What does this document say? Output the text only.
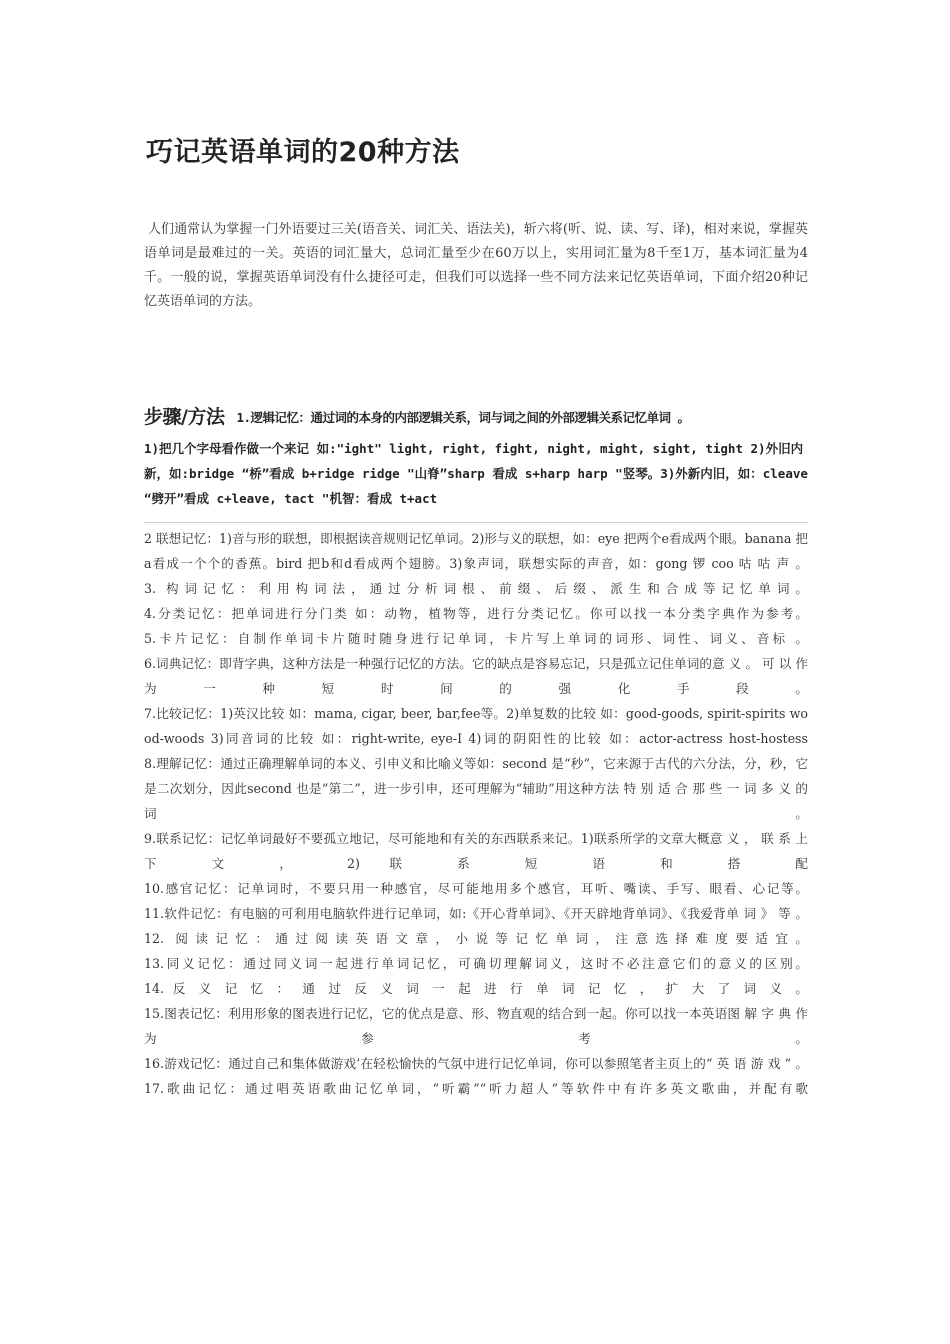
巧记英语单词的20种方法

人们通常认为掌握一门外语要过三关(语音关、词汇关、语法关)，斩六将(听、说、读、写、译)，相对来说，掌握英语单词是最难过的一关。英语的词汇量大，总词汇量至少在60万以上，实用词汇量为8千至1万，基本词汇量为4千。一般的说，掌握英语单词没有什么捷径可走，但我们可以选择一些不同方法来记忆英语单词，下面介绍20种记忆英语单词的方法。

步骤/方法 1.逻辑记忆：通过词的本身的内部逻辑关系，词与词之间的外部逻辑关系记忆单词 。

1)把几个字母看作做一个来记 如:"ight" light, right, fight, night, might, sight, tight 2)外旧内新，如:bridge “桥”看成 b+ridge ridge "山脊”sharp 看成 s+harp harp "竖琴。3)外新内旧，如：cleave “劈开”看成 c+leave, tact "机智：看成 t+act

2 联想记忆：1)音与形的联想，即根据读音规则记忆单词。2)形与义的联想，如：eye 把两个e看成两个眼。banana 把a看成一个个的香蕉。bird 把b和d看成两个翅膀。3)象声词，联想实际的声音，如：gong 锣 coo 咕 咕 声 。
3. 构词记忆：利用构词法，通过分析词根、前缀、后缀、派生和合成等记忆单词。
4.分类记忆：把单词进行分门类 如：动物，植物等，进行分类记忆。你可以找一本分类字典作为参考。
5.卡片记忆：自制作单词卡片随时随身进行记单词，卡片写上单词的词形、词性、词义、音标 。
6.词典记忆：即背字典，这种方法是一种强行记忆的方法。它的缺点是容易忘记，只是孤立记住单词的意 义 。 可 以 作 为 一 种 短 时 间 的 强 化 手 段 。
7.比较记忆：1)英汉比较 如：mama, cigar, beer, bar,fee等。2)单复数的比较 如：good-goods, spirit-spirits wood-woods 3)同音词的比较 如：right-write, eye-I 4)词的阴阳性的比较 如：actor-actress host-hostess
8.理解记忆：通过正确理解单词的本义、引申义和比喻义等如：second 是“秒”，它来源于古代的六分法，分，秒，它是二次划分，因此second 也是“第二”，进一步引申，还可理解为“辅助”用这种方法 特 别 适 合 那 些 一 词 多 义 的 词 。
9.联系记忆：记忆单词最好不要孤立地记，尽可能地和有关的东西联系来记。1)联系所学的文章大概意 义 ， 联 系 上 下 文 ， 2) 联 系 短 语 和 搭 配
10.感官记忆：记单词时，不要只用一种感官，尽可能地用多个感官，耳听、嘴读、手写、眼看、心记等。
11.软件记忆：有电脑的可利用电脑软件进行记单词，如:《开心背单词》、《开天辟地背单词》、《我爱背单 词 》 等 。
12. 阅读记忆：通过阅读英语文章，小说等记忆单词，注意选择难度要适宜。
13.同义记忆：通过同义词一起进行单词记忆，可确切理解词义，这时不必注意它们的意义的区别。
14. 反 义 记 忆 ： 通 过 反 义 词 一 起 进 行 单 词 记 忆 ， 扩 大 了 词 义 。
15.图表记忆：利用形象的图表进行记忆，它的优点是意、形、物直观的结合到一起。你可以找一本英语图 解 字 典 作 为 参 考 。
16.游戏记忆：通过自己和集体做游戏’在轻松愉快的气氛中进行记忆单词，你可以参照笔者主页上的“ 英 语 游 戏 ” 。
17.歌曲记忆：通过唱英语歌曲记忆单词，“听霸”“听力超人”等软件中有许多英文歌曲，并配有歌
